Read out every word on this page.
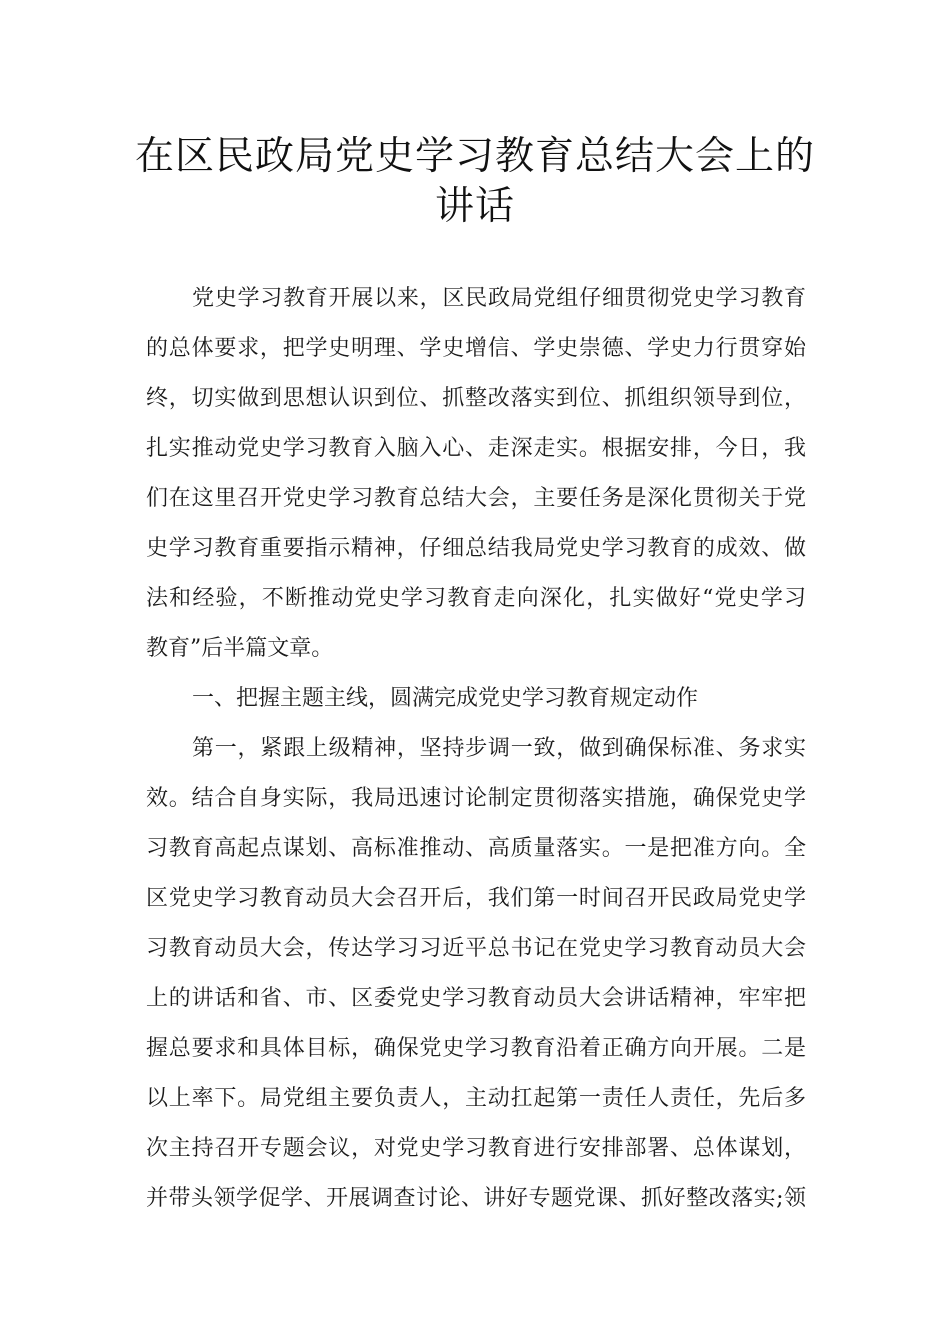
在区民政局党史学习教育总结大会上的
讲话
党史学习教育开展以来，区民政局党组仔细贯彻党史学习教育
的总体要求，把学史明理、学史增信、学史崇德、学史力行贯穿始
终，切实做到思想认识到位、抓整改落实到位、抓组织领导到位，
扎实推动党史学习教育入脑入心、走深走实。根据安排，今日，我
们在这里召开党史学习教育总结大会，主要任务是深化贯彻关于党
史学习教育重要指示精神，仔细总结我局党史学习教育的成效、做
法和经验，不断推动党史学习教育走向深化，扎实做好“党史学习
教育”后半篇文章。
一、把握主题主线，圆满完成党史学习教育规定动作
第一，紧跟上级精神，坚持步调一致，做到确保标准、务求实
效。结合自身实际，我局迅速讨论制定贯彻落实措施，确保党史学
习教育高起点谋划、高标准推动、高质量落实。一是把准方向。全
区党史学习教育动员大会召开后，我们第一时间召开民政局党史学
习教育动员大会，传达学习习近平总书记在党史学习教育动员大会
上的讲话和省、市、区委党史学习教育动员大会讲话精神，牢牢把
握总要求和具体目标，确保党史学习教育沿着正确方向开展。二是
以上率下。局党组主要负责人，主动扛起第一责任人责任，先后多
次主持召开专题会议，对党史学习教育进行安排部署、总体谋划，
并带头领学促学、开展调查讨论、讲好专题党课、抓好整改落实;领
